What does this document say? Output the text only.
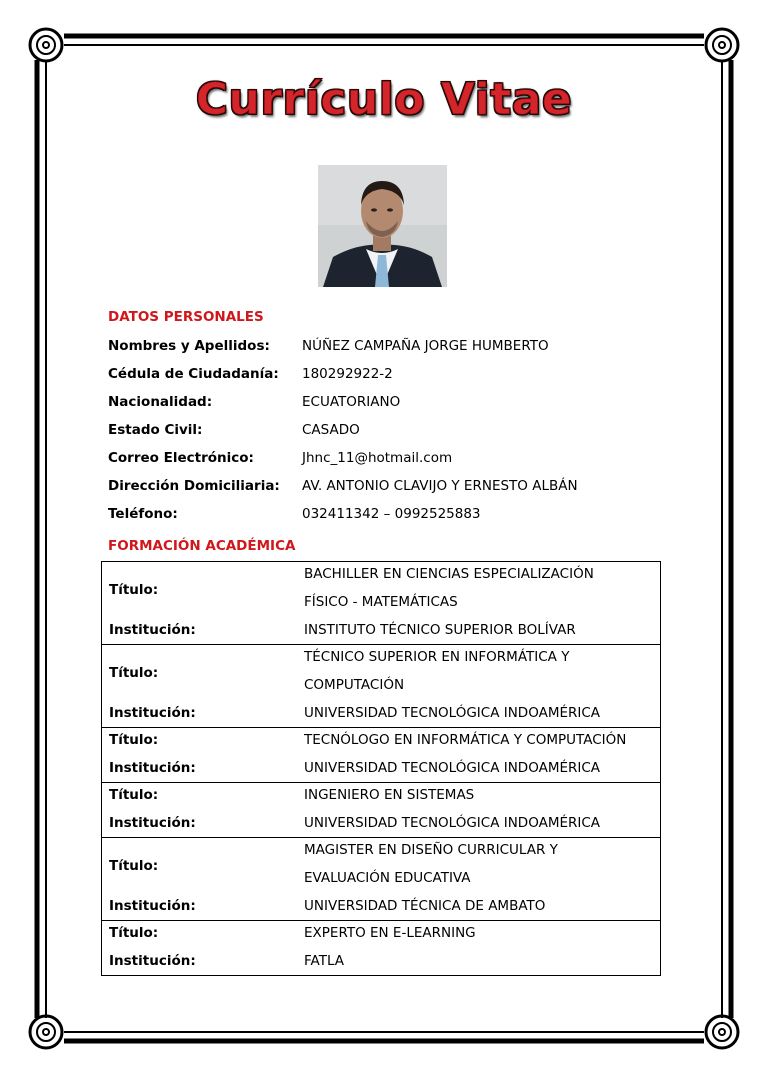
Currículo Vitae
DATOS PERSONALES
Nombres y Apellidos:	NÚÑEZ CAMPAÑA JORGE HUMBERTO
Cédula de Ciudadanía:	180292922-2
Nacionalidad:	ECUATORIANO
Estado Civil:	CASADO
Correo Electrónico:	Jhnc_11@hotmail.com
Dirección Domiciliaria:	AV. ANTONIO CLAVIJO Y ERNESTO ALBÁN
Teléfono:	032411342 – 0992525883
FORMACIÓN ACADÉMICA
Título:
BACHILLER EN CIENCIAS ESPECIALIZACIÓN
FÍSICO - MATEMÁTICAS
Institución:	INSTITUTO TÉCNICO SUPERIOR BOLÍVAR
Título:
TÉCNICO SUPERIOR EN INFORMÁTICA Y
COMPUTACIÓN
Institución:	UNIVERSIDAD TECNOLÓGICA INDOAMÉRICA
Título:	TECNÓLOGO EN INFORMÁTICA Y COMPUTACIÓN
Institución:	UNIVERSIDAD TECNOLÓGICA INDOAMÉRICA
Título:	INGENIERO EN SISTEMAS
Institución:	UNIVERSIDAD TECNOLÓGICA INDOAMÉRICA
Título:
MAGISTER EN DISEÑO CURRICULAR Y
EVALUACIÓN EDUCATIVA
Institución:	UNIVERSIDAD TÉCNICA DE AMBATO
Título:	EXPERTO EN E-LEARNING
Institución:	FATLA
